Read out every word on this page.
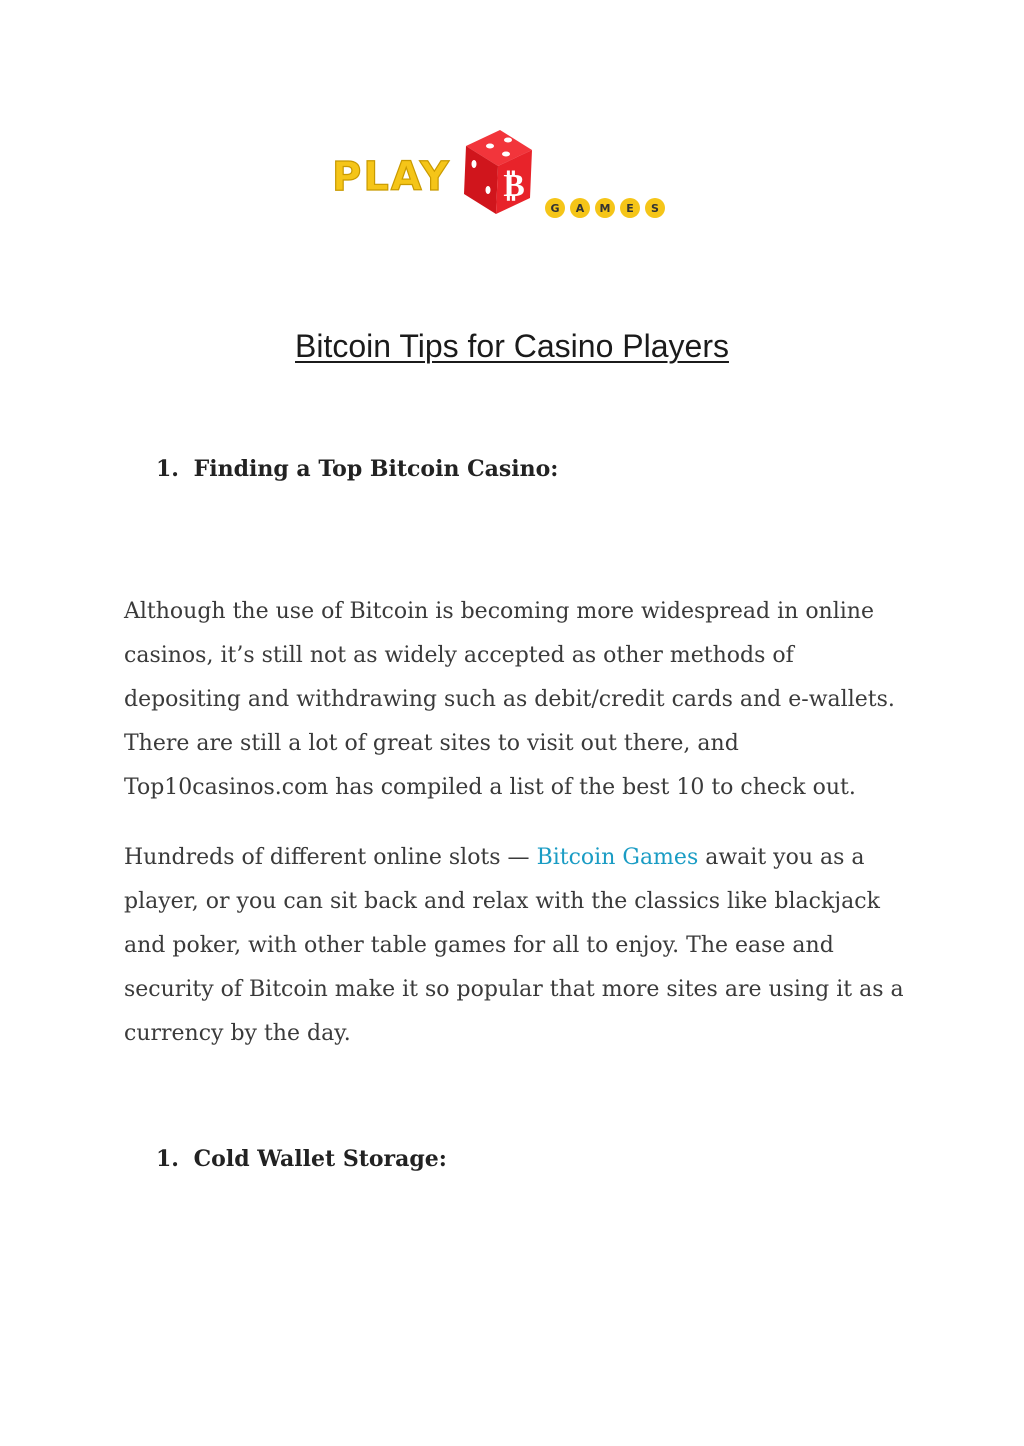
PLAY ₿
G A M E S
Bitcoin Tips for Casino Players
1. Finding a Top Bitcoin Casino:

Although the use of Bitcoin is becoming more widespread in online casinos, it’s still not as widely accepted as other methods of depositing and withdrawing such as debit/credit cards and e-wallets. There are still a lot of great sites to visit out there, and Top10casinos.com has compiled a list of the best 10 to check out.

Hundreds of different online slots — Bitcoin Games await you as a player, or you can sit back and relax with the classics like blackjack and poker, with other table games for all to enjoy. The ease and security of Bitcoin make it so popular that more sites are using it as a currency by the day.

1. Cold Wallet Storage:
